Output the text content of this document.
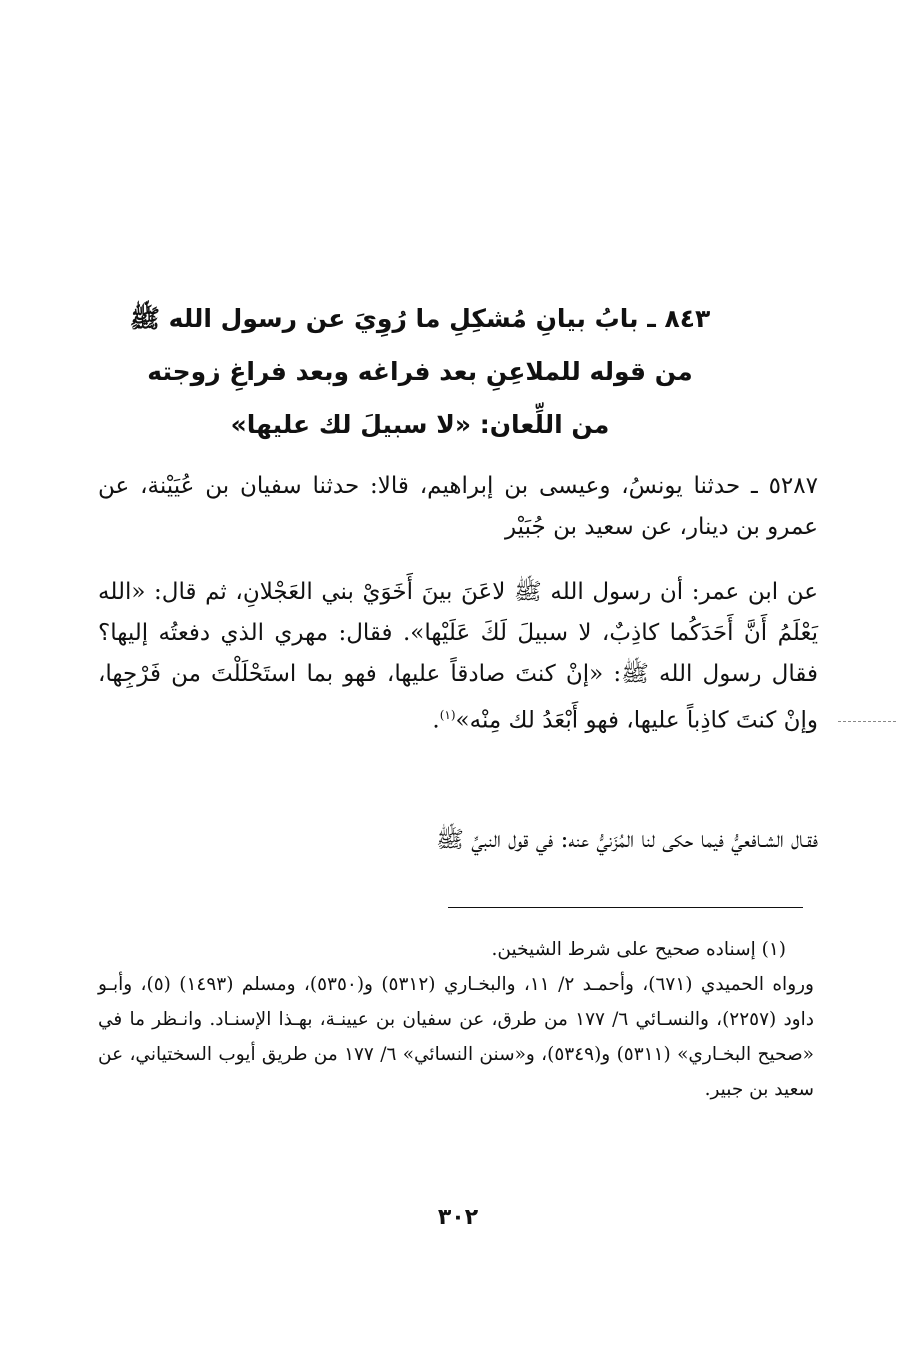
٨٤٣ ـ بابُ بيانِ مُشكِلِ ما رُوِيَ عن رسول الله ﷺ
من قوله للملاعِنِ بعد فراغه وبعد فراغِ زوجته
من اللِّعان: «لا سبيلَ لك عليها»
٥٢٨٧ ـ حدثنا يونسُ، وعيسى بن إبراهيم، قالا: حدثنا سفيان بن عُيَيْنة، عن عمرو بن دينار، عن سعيد بن جُبَيْر
عن ابن عمر: أن رسول الله ﷺ لاعَنَ بينَ أَخَوَيْ بني العَجْلانِ، ثم قال: «الله يَعْلَمُ أَنَّ أَحَدَكُما كاذِبٌ، لا سبيلَ لَكَ عَلَيْها». فقال: مهري الذي دفعتُه إليها؟ فقال رسول الله ﷺ: «إنْ كنتَ صادقاً عليها، فهو بما استَحْلَلْتَ من فَرْجِها، وإنْ كنتَ كاذِباً عليها، فهو أَبْعَدُ لك مِنْه»$^{(١)}$.
فقـال الشـافعيُّ فيما حكى لنا المُزَنيُّ عنه: في قول النبيِّ ﷺ

(١) إسناده صحيح على شرط الشيخين.

ورواه الحميدي (٦٧١)، وأحمـد ٢/ ١١، والبخـاري (٥٣١٢) و(٥٣٥٠)، ومسلم (١٤٩٣) (٥)، وأبـو داود (٢٢٥٧)، والنسـائي ٦/ ١٧٧ من طرق، عن سفيان بن عيينـة، بهـذا الإسنـاد. وانـظر ما في «صحيح البخـاري» (٥٣١١) و(٥٣٤٩)، و«سنن النسائي» ٦/ ١٧٧ من طريق أيوب السختياني، عن سعيد بن جبير.

٣٠٢
